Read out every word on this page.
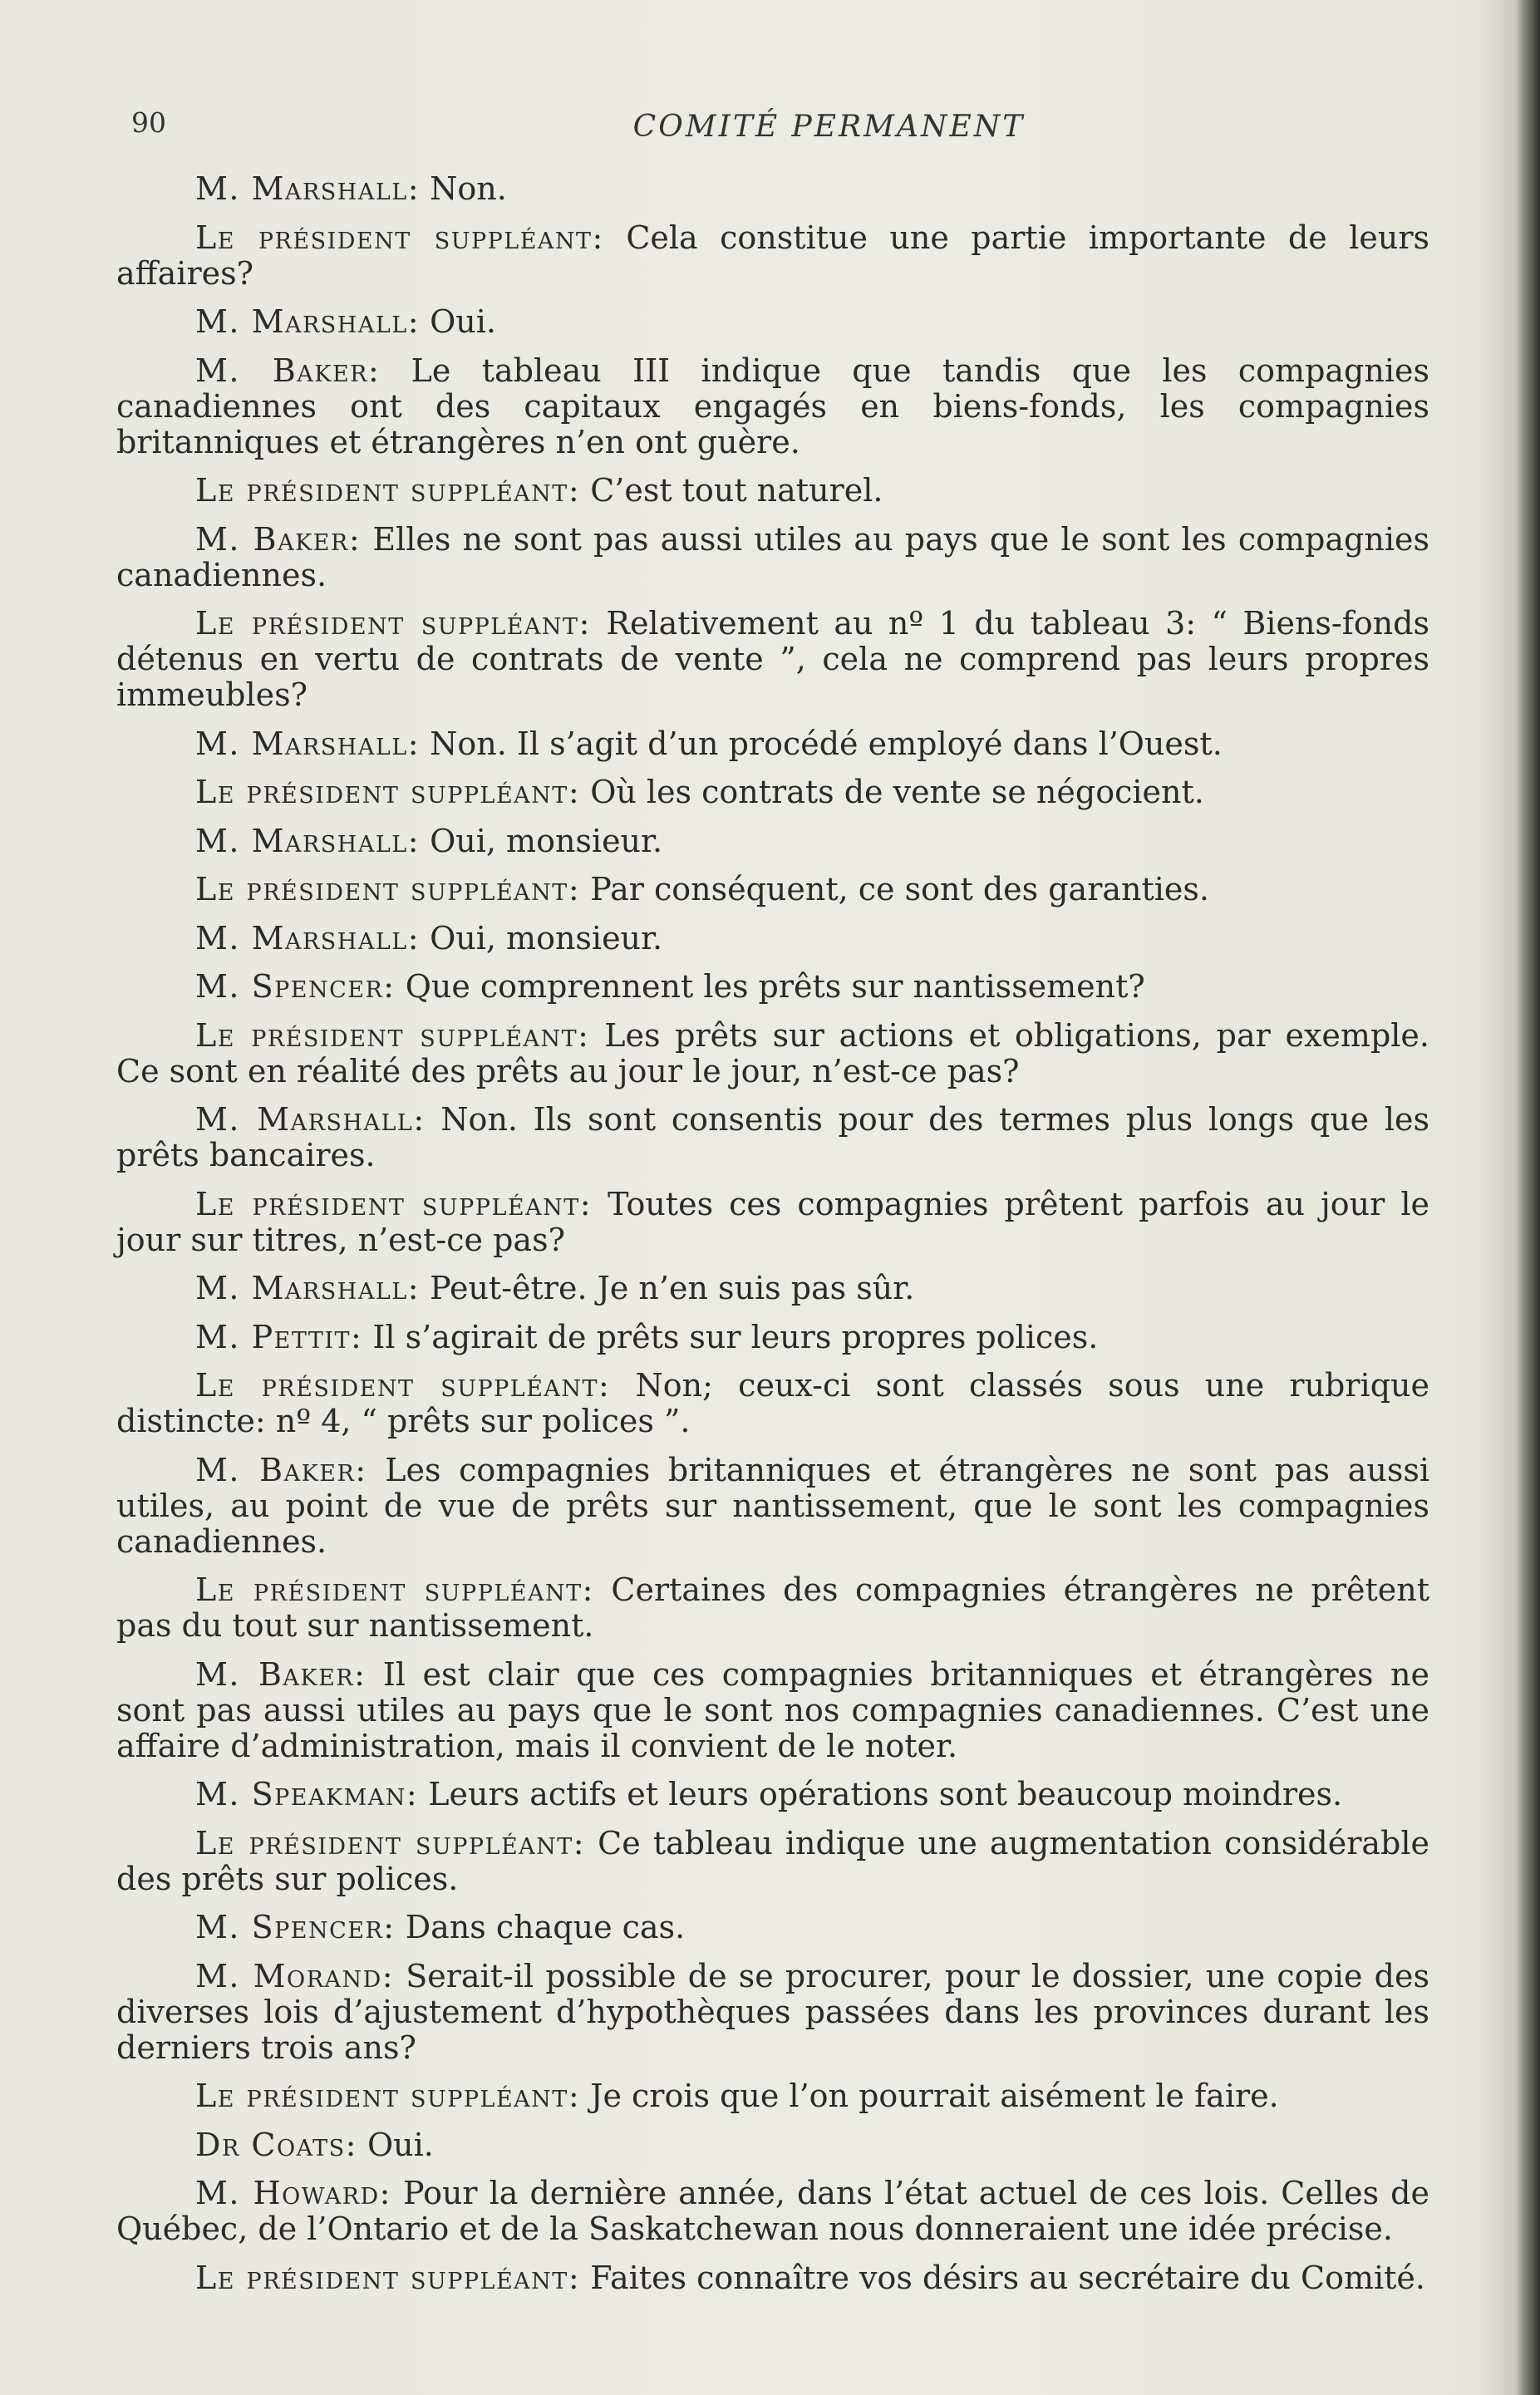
90	COMITÉ PERMANENT

M. Marshall: Non.

Le président suppléant: Cela constitue une partie importante de leurs affaires?

M. Marshall: Oui.

M. Baker: Le tableau III indique que tandis que les compagnies canadiennes ont des capitaux engagés en biens-fonds, les compagnies britanniques et étrangères n’en ont guère.

Le président suppléant: C’est tout naturel.

M. Baker: Elles ne sont pas aussi utiles au pays que le sont les compagnies canadiennes.

Le président suppléant: Relativement au nº 1 du tableau 3: “ Biens-fonds détenus en vertu de contrats de vente ”, cela ne comprend pas leurs propres immeubles?

M. Marshall: Non. Il s’agit d’un procédé employé dans l’Ouest.

Le président suppléant: Où les contrats de vente se négocient.

M. Marshall: Oui, monsieur.

Le président suppléant: Par conséquent, ce sont des garanties.

M. Marshall: Oui, monsieur.

M. Spencer: Que comprennent les prêts sur nantissement?

Le président suppléant: Les prêts sur actions et obligations, par exemple. Ce sont en réalité des prêts au jour le jour, n’est-ce pas?

M. Marshall: Non. Ils sont consentis pour des termes plus longs que les prêts bancaires.

Le président suppléant: Toutes ces compagnies prêtent parfois au jour le jour sur titres, n’est-ce pas?

M. Marshall: Peut-être. Je n’en suis pas sûr.

M. Pettit: Il s’agirait de prêts sur leurs propres polices.

Le président suppléant: Non; ceux-ci sont classés sous une rubrique distincte: nº 4, “ prêts sur polices ”.

M. Baker: Les compagnies britanniques et étrangères ne sont pas aussi utiles, au point de vue de prêts sur nantissement, que le sont les compagnies canadiennes.

Le président suppléant: Certaines des compagnies étrangères ne prêtent pas du tout sur nantissement.

M. Baker: Il est clair que ces compagnies britanniques et étrangères ne sont pas aussi utiles au pays que le sont nos compagnies canadiennes. C’est une affaire d’administration, mais il convient de le noter.

M. Speakman: Leurs actifs et leurs opérations sont beaucoup moindres.

Le président suppléant: Ce tableau indique une augmentation considérable des prêts sur polices.

M. Spencer: Dans chaque cas.

M. Morand: Serait-il possible de se procurer, pour le dossier, une copie des diverses lois d’ajustement d’hypothèques passées dans les provinces durant les derniers trois ans?

Le président suppléant: Je crois que l’on pourrait aisément le faire.

Dr Coats: Oui.

M. Howard: Pour la dernière année, dans l’état actuel de ces lois. Celles de Québec, de l’Ontario et de la Saskatchewan nous donneraient une idée précise.

Le président suppléant: Faites connaître vos désirs au secrétaire du Comité.
